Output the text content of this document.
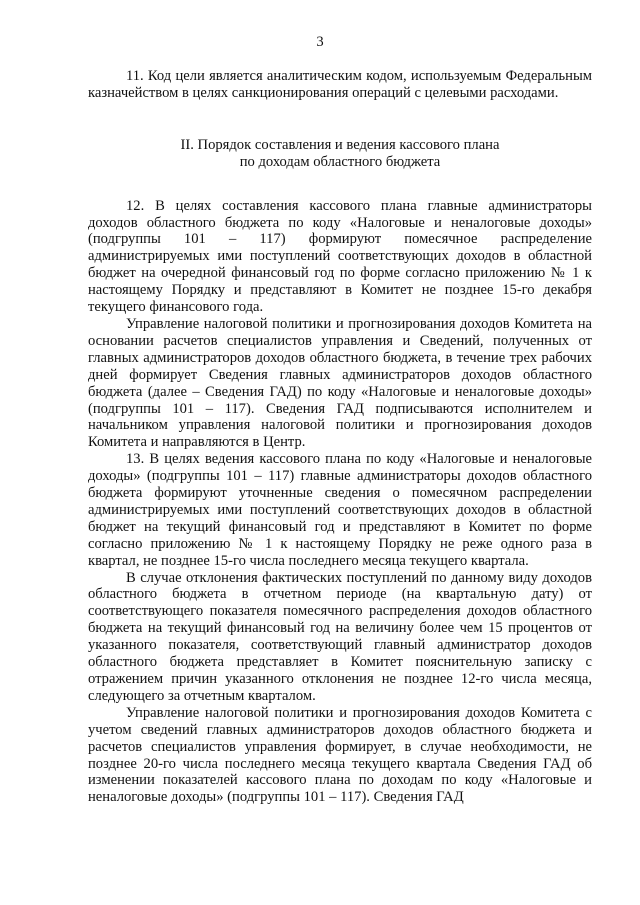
3

11. Код цели является аналитическим кодом, используемым Федеральным казначейством в целях санкционирования операций с целевыми расходами.

II. Порядок составления и ведения кассового плана
по доходам областного бюджета

12. В целях составления кассового плана главные администраторы доходов областного бюджета по коду «Налоговые и неналоговые доходы» (подгруппы 101 – 117) формируют помесячное распределение администрируемых ими поступлений соответствующих доходов в областной бюджет на очередной финансовый год по форме согласно приложению № 1 к настоящему Порядку и представляют в Комитет не позднее 15-го декабря текущего финансового года.

Управление налоговой политики и прогнозирования доходов Комитета на основании расчетов специалистов управления и Сведений, полученных от главных администраторов доходов областного бюджета, в течение трех рабочих дней формирует Сведения главных администраторов доходов областного бюджета (далее – Сведения ГАД) по коду «Налоговые и неналоговые доходы» (подгруппы 101 – 117). Сведения ГАД подписываются исполнителем и начальником управления налоговой политики и прогнозирования доходов Комитета и направляются в Центр.

13. В целях ведения кассового плана по коду «Налоговые и неналоговые доходы» (подгруппы 101 – 117) главные администраторы доходов областного бюджета формируют уточненные сведения о помесячном распределении администрируемых ими поступлений соответствующих доходов в областной бюджет на текущий финансовый год и представляют в Комитет по форме согласно приложению № 1 к настоящему Порядку не реже одного раза в квартал, не позднее 15-го числа последнего месяца текущего квартала.

В случае отклонения фактических поступлений по данному виду доходов областного бюджета в отчетном периоде (на квартальную дату) от соответствующего показателя помесячного распределения доходов областного бюджета на текущий финансовый год на величину более чем 15 процентов от указанного показателя, соответствующий главный администратор доходов областного бюджета представляет в Комитет пояснительную записку с отражением причин указанного отклонения не позднее 12-го числа месяца, следующего за отчетным кварталом.

Управление налоговой политики и прогнозирования доходов Комитета с учетом сведений главных администраторов доходов областного бюджета и расчетов специалистов управления формирует, в случае необходимости, не позднее 20-го числа последнего месяца текущего квартала Сведения ГАД об изменении показателей кассового плана по доходам по коду «Налоговые и неналоговые доходы» (подгруппы 101 – 117). Сведения ГАД
